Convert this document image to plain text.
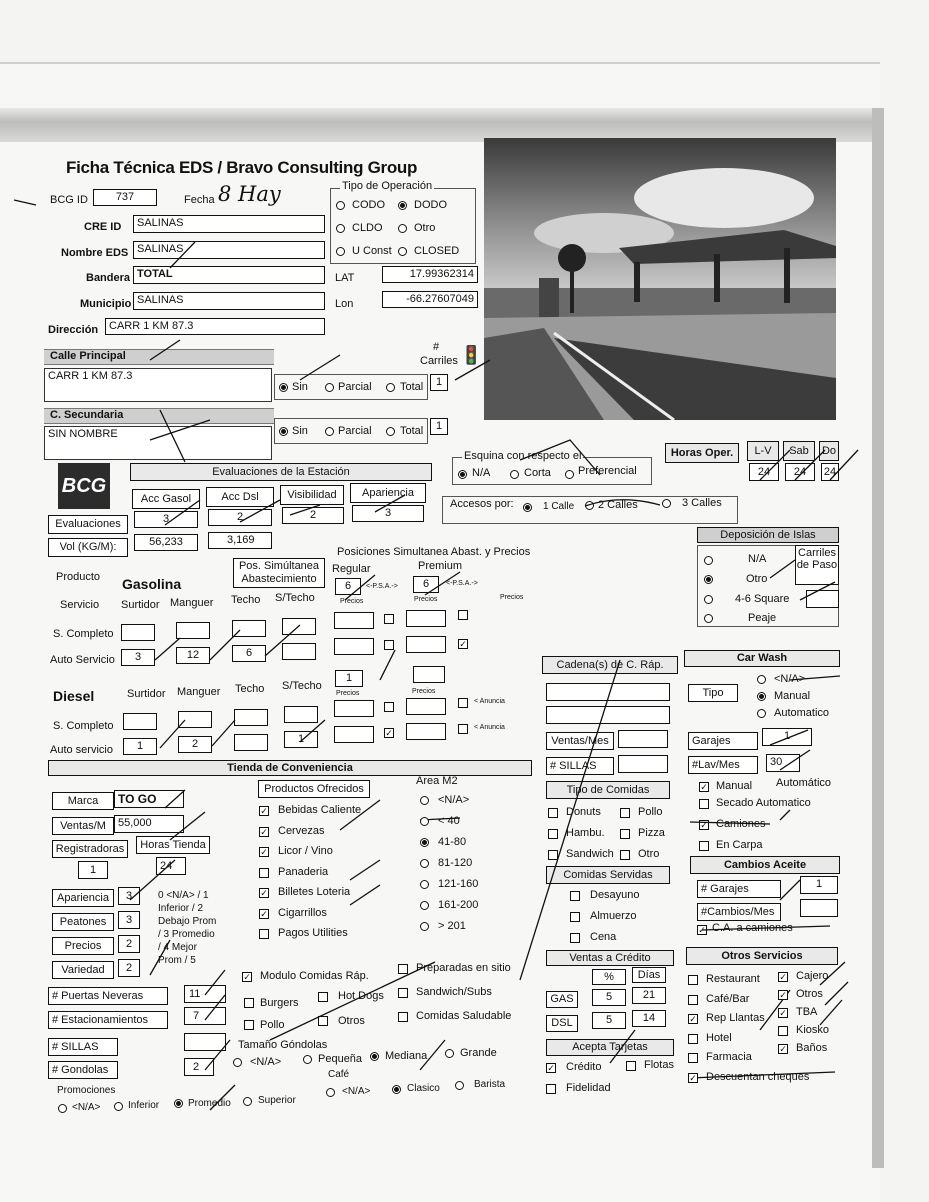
Ficha Técnica EDS / Bravo Consulting Group
BCG ID	737	Fecha 8 Hay
CRE ID	SALINAS
Nombre EDS SALINAS
Bandera TOTAL
Municipio SALINAS
Dirección CARR 1 KM 87.3
Tipo de Operación
CODO	DODO
CLDO	Otro
U Const CLOSED
LAT	17.99362314
Lon	-66.27607049
Calle Principal
CARR 1 KM 87.3
#
Carriles
Sin	Parcial	Total	1
🚦
C. Secundaria
SIN NOMBRE	Sin	Parcial	Total	1
Esquina con respecto el
N/A	Corta Preferencial
Horas Oper.	L-V	Sab	Do
24	24	24
BCG
Evaluaciones de la Estación
Acc Gasol	Acc Dsl	Visibilidad	Apariencia
Evaluaciones	3	2	2	3
Vol (KG/M):	56,233	3,169
Accesos por:	1 Calle 2 Calles	3 Calles
Producto
Pos. Simúltanea Abastecimiento
Posiciones Simultanea Abast. y Precios
Regular	Premium
6	<-P.S.A.->	6	<-P.S.A.->
Precios	Precios	Precios
Gasolina
Servicio Surtidor Manguer Techo S/Techo
S. Completo
Auto Servicio	3	12	6
✓
Diesel	Surtidor Manguer Techo S/Techo
1
Precios	Precios
S. Completo
< Anuncia
Auto servicio	1	2	1	✓
< Anuncia
Tienda de Conveniencia
Marca	TO GO
Ventas/M	55,000
Registradoras	Horas Tienda
1	24
Apariencia	3
Peatones	3
Precios	2
Variedad	2
0 <N/A> / 1
Inferior / 2
Debajo Prom
/ 3 Promedio
/ 4 Mejor
Prom / 5
Productos Ofrecidos
Area M2
# Puertas Neveras	11
# Estacionamientos	7
# SILLAS
# Gondolas	2
✓ Modulo Comidas Ráp.
Burgers
Pollo
Hot Dogs
Otros
Preparadas en sitio
Sandwich/Subs
Comidas Saludable
Tamaño Góndolas
<N/A>	Pequeña Mediana	Grande
Promociones
<N/A>	Inferior	Promedio	Superior
Café
<N/A>	Clasico	Barista
Cadena(s) de C. Ráp.
Ventas/Mes
# SILLAS
Tipo de Comidas
Comidas Servidas
Ventas a Crédito
%	Días
GAS	5	21
DSL	5	14
Acepta Tarjetas
✓ Crédito	Flotas
Fidelidad
Deposición de Islas
N/A
Otro
4-6 Square
Peaje
Carriles de Paso
Car Wash
Tipo
<N/A>
Manual
Automatico
Garajes	1
#Lav/Mes	30
✓ Manual Automático
Secado Automatico
✓ Camiones
En Carpa
Cambios Aceite
# Garajes	1
#Cambios/Mes
✓ C.A. a camiones
Otros Servicios
✓ Bebidas Caliente
✓ Cervezas
✓ Licor / Vino
Panaderia
✓ Billetes Loteria
✓ Cigarrillos
Pagos Utilities
<N/A>
< 40
41-80
81-120
121-160
161-200
> 201
Donuts	Pollo
Hambu.	Pizza
Sandwich Otro
Desayuno
Almuerzo
Cena
Restaurant
Café/Bar
✓ Rep Llantas
Hotel
Farmacia
✓ Descuentan cheques
✓ Cajero
✓ Otros
✓ TBA
Kiosko
✓ Baños
